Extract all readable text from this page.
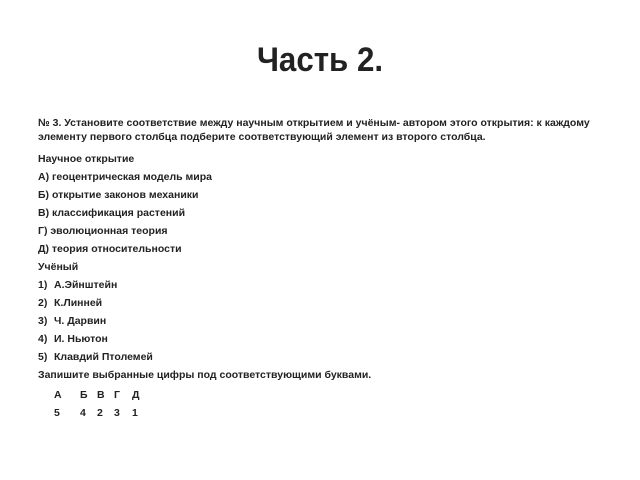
Часть 2.
№ 3. Установите соответствие между научным открытием и учёным- автором этого открытия: к каждому элементу первого столбца подберите соответствующий элемент из второго столбца.
Научное открытие
А) геоцентрическая модель мира
Б) открытие законов механики
В) классификация растений
Г) эволюционная теория
Д) теория относительности
Учёный
1) А.Эйнштейн
2) К.Линней
3) Ч. Дарвин
4) И. Ньютон
5) Клавдий Птолемей
Запишите выбранные цифры под соответствующими буквами.
А	Б	В	Г	Д
5	4	2	3	1
